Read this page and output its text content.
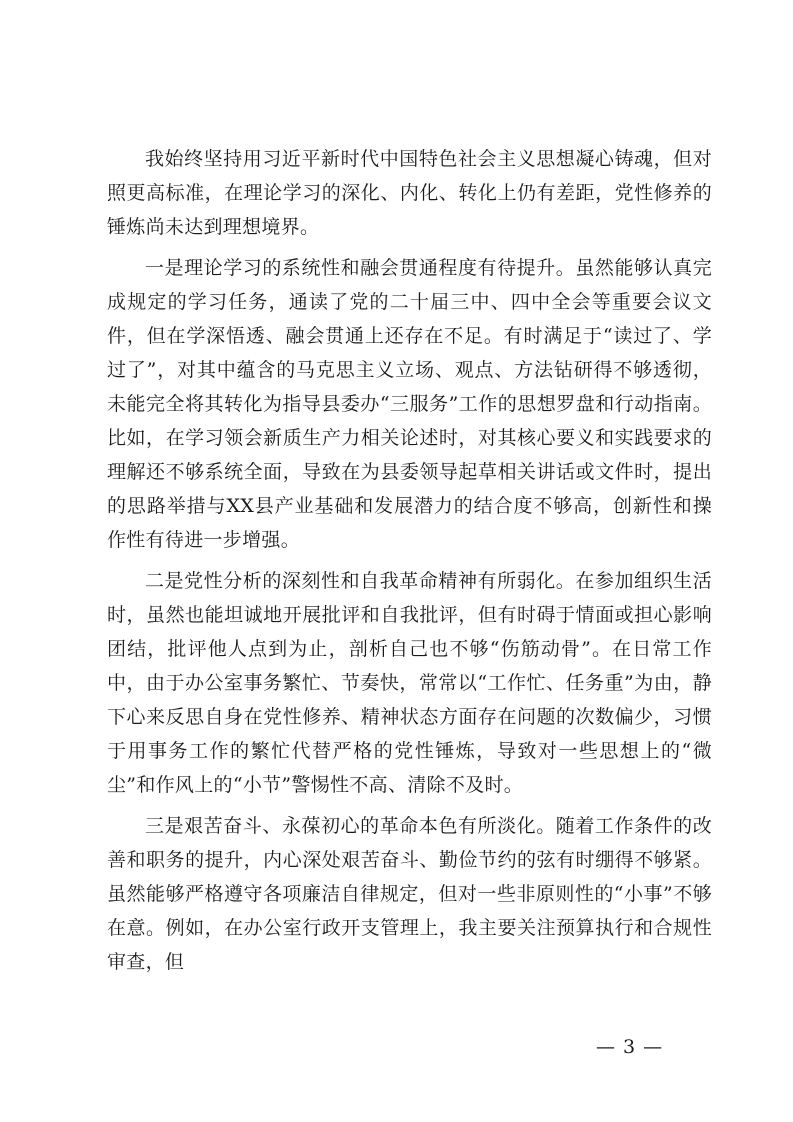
我始终坚持用习近平新时代中国特色社会主义思想凝心铸魂，但对照更高标准，在理论学习的深化、内化、转化上仍有差距，党性修养的锤炼尚未达到理想境界。

一是理论学习的系统性和融会贯通程度有待提升。虽然能够认真完成规定的学习任务，通读了党的二十届三中、四中全会等重要会议文件，但在学深悟透、融会贯通上还存在不足。有时满足于“读过了、学过了”，对其中蕴含的马克思主义立场、观点、方法钻研得不够透彻，未能完全将其转化为指导县委办“三服务”工作的思想罗盘和行动指南。比如，在学习领会新质生产力相关论述时，对其核心要义和实践要求的理解还不够系统全面，导致在为县委领导起草相关讲话或文件时，提出的思路举措与XX县产业基础和发展潜力的结合度不够高，创新性和操作性有待进一步增强。

二是党性分析的深刻性和自我革命精神有所弱化。在参加组织生活时，虽然也能坦诚地开展批评和自我批评，但有时碍于情面或担心影响团结，批评他人点到为止，剖析自己也不够“伤筋动骨”。在日常工作中，由于办公室事务繁忙、节奏快，常常以“工作忙、任务重”为由，静下心来反思自身在党性修养、精神状态方面存在问题的次数偏少，习惯于用事务工作的繁忙代替严格的党性锤炼，导致对一些思想上的“微尘”和作风上的“小节”警惕性不高、清除不及时。

三是艰苦奋斗、永葆初心的革命本色有所淡化。随着工作条件的改善和职务的提升，内心深处艰苦奋斗、勤俭节约的弦有时绷得不够紧。虽然能够严格遵守各项廉洁自律规定，但对一些非原则性的“小事”不够在意。例如，在办公室行政开支管理上，我主要关注预算执行和合规性审查，但

— 3 —
